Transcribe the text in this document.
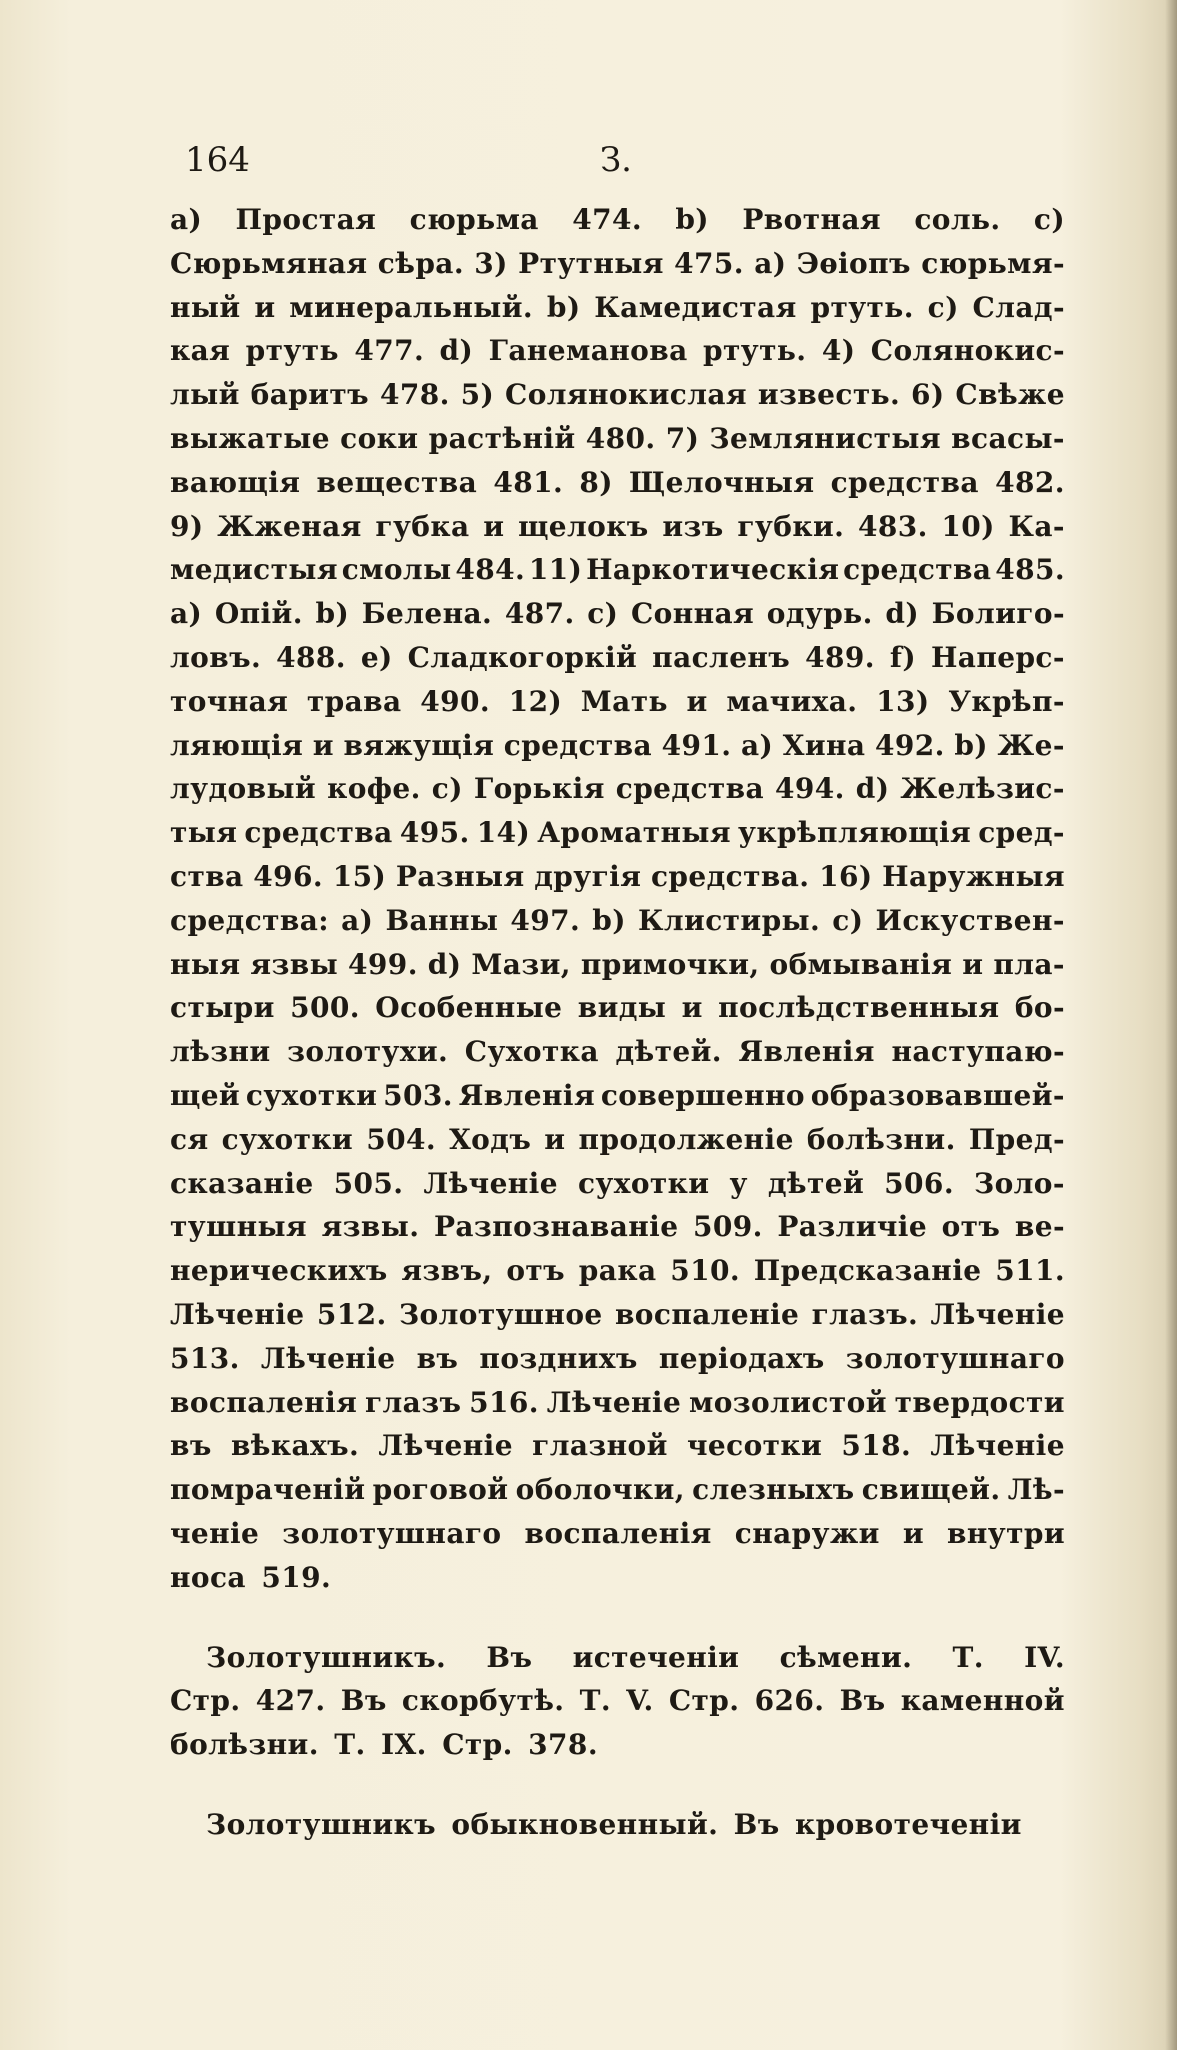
164	З.
а) Простая сюрьма 474. b) Рвотная соль. с)
Сюрьмяная сѣра. 3) Ртутныя 475. а) Эѳіопъ сюрьмя-
ный и минеральный. b) Камедистая ртуть. с) Слад-
кая ртуть 477. d) Ганеманова ртуть. 4) Солянокис-
лый баритъ 478. 5) Солянокислая известь. 6) Свѣже
выжатые соки растѣній 480. 7) Землянистыя всасы-
вающія вещества 481. 8) Щелочныя средства 482.
9) Жженая губка и щелокъ изъ губки. 483. 10) Ка-
медистыя смолы 484. 11) Наркотическія средства 485.
а) Опій. b) Белена. 487. с) Сонная одурь. d) Болиго-
ловъ. 488. е) Сладкогоркій пасленъ 489. f) Наперс-
точная трава 490. 12) Мать и мачиха. 13) Укрѣп-
ляющія и вяжущія средства 491. а) Хина 492. b) Же-
лудовый кофе. с) Горькія средства 494. d) Желѣзис-
тыя средства 495. 14) Ароматныя укрѣпляющія сред-
ства 496. 15) Разныя другія средства. 16) Наружныя
средства: а) Ванны 497. b) Клистиры. с) Искуствен-
ныя язвы 499. d) Мази, примочки, обмыванія и пла-
стыри 500. Особенные виды и послѣдственныя бо-
лѣзни золотухи. Сухотка дѣтей. Явленія наступаю-
щей сухотки 503. Явленія совершенно образовавшей-
ся сухотки 504. Ходъ и продолженіе болѣзни. Пред-
сказаніе 505. Лѣченіе сухотки у дѣтей 506. Золо-
тушныя язвы. Разпознаваніе 509. Различіе отъ ве-
нерическихъ язвъ, отъ рака 510. Предсказаніе 511.
Лѣченіе 512. Золотушное воспаленіе глазъ. Лѣченіе
513. Лѣченіе въ позднихъ періодахъ золотушнаго
воспаленія глазъ 516. Лѣченіе мозолистой твердости
въ вѣкахъ. Лѣченіе глазной чесотки 518. Лѣченіе
помраченій роговой оболочки, слезныхъ свищей. Лѣ-
ченіе золотушнаго воспаленія снаружи и внутри
носа 519.
Золотушникъ. Въ истеченіи сѣмени. Т. IV.
Стр. 427. Въ скорбутѣ. Т. V. Стр. 626. Въ каменной
болѣзни. Т. IX. Стр. 378.
Золотушникъ обыкновенный. Въ кровотеченіи
